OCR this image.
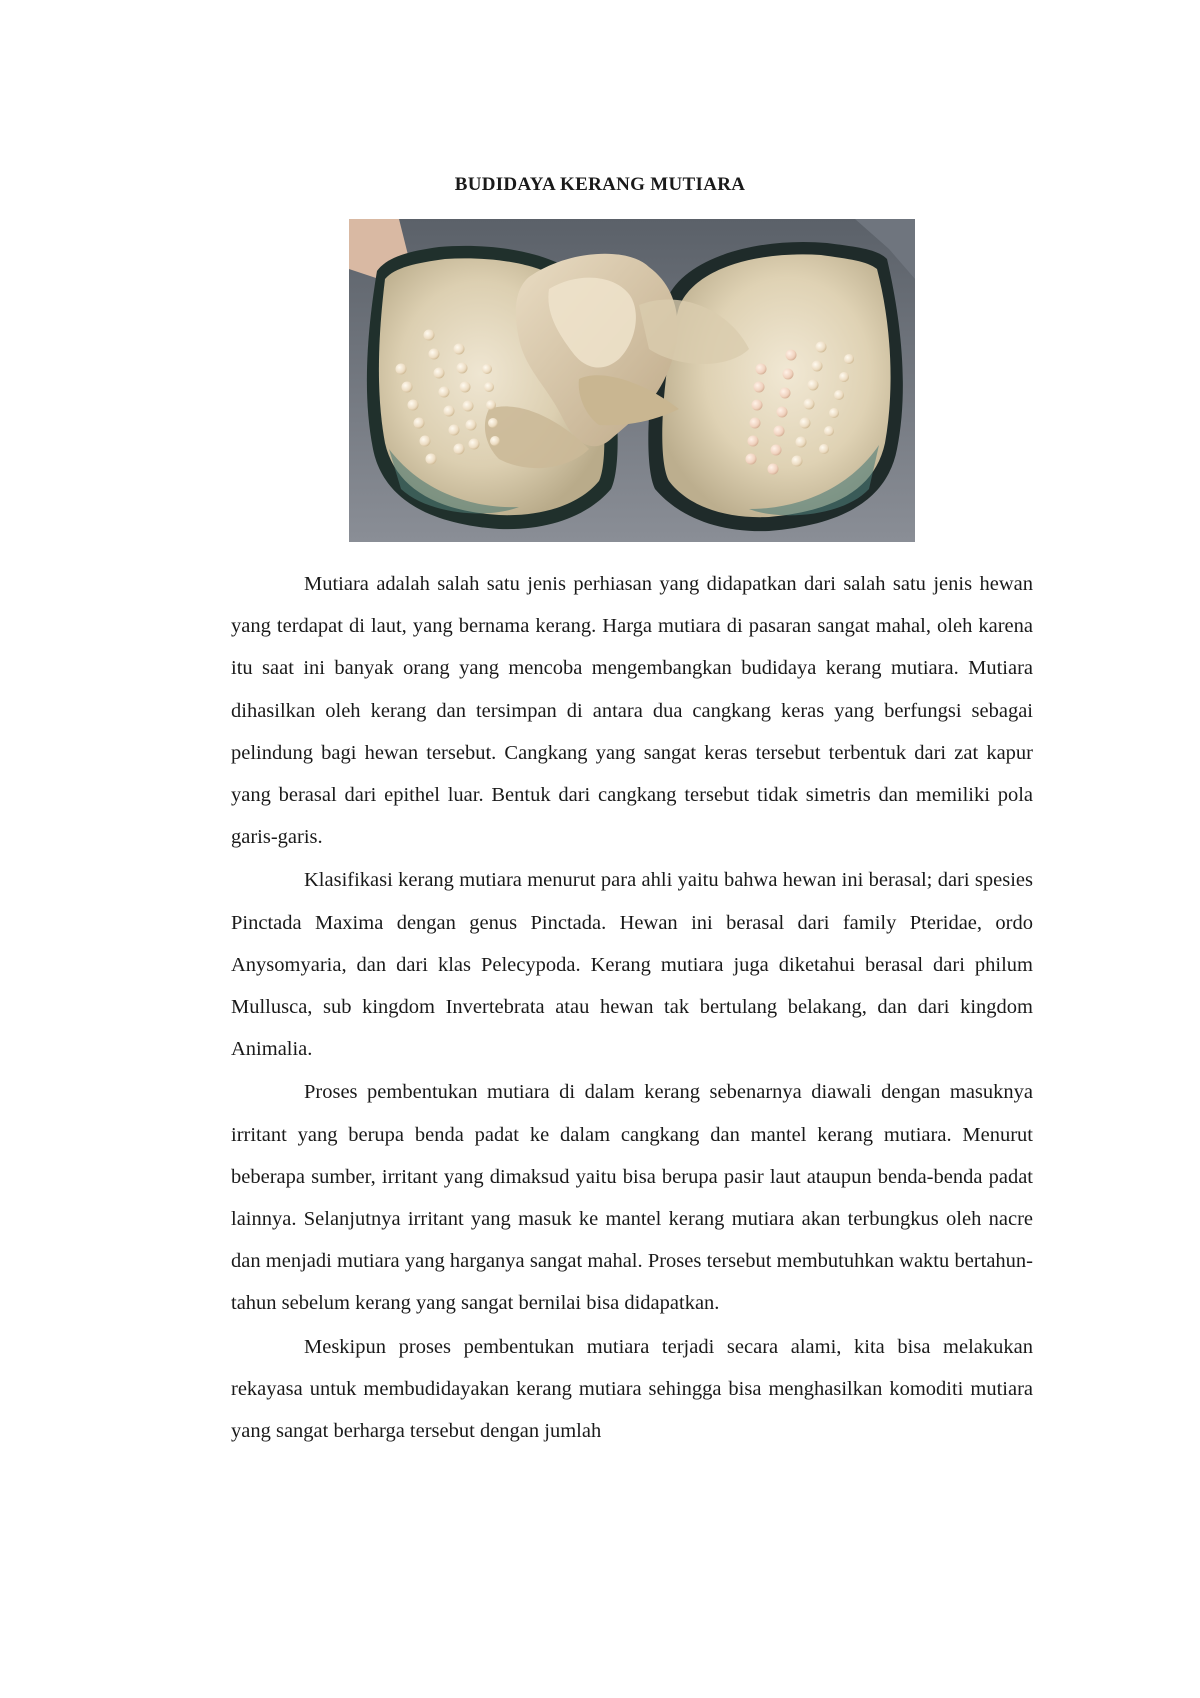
BUDIDAYA KERANG MUTIARA

Mutiara adalah salah satu jenis perhiasan yang didapatkan dari salah satu jenis hewan yang terdapat di laut, yang bernama kerang. Harga mutiara di pasaran sangat mahal, oleh karena itu saat ini banyak orang yang mencoba mengembangkan budidaya kerang mutiara. Mutiara dihasilkan oleh kerang dan tersimpan di antara dua cangkang keras yang berfungsi sebagai pelindung bagi hewan tersebut. Cangkang yang sangat keras tersebut terbentuk dari zat kapur yang berasal dari epithel luar. Bentuk dari cangkang tersebut tidak simetris dan memiliki pola garis-garis.

Klasifikasi kerang mutiara menurut para ahli yaitu bahwa hewan ini berasal; dari spesies Pinctada Maxima dengan genus Pinctada. Hewan ini berasal dari family Pteridae, ordo Anysomyaria, dan dari klas Pelecypoda. Kerang mutiara juga diketahui berasal dari philum Mullusca, sub kingdom Invertebrata atau hewan tak bertulang belakang, dan dari kingdom Animalia.

Proses pembentukan mutiara di dalam kerang sebenarnya diawali dengan masuknya irritant yang berupa benda padat ke dalam cangkang dan mantel kerang mutiara. Menurut beberapa sumber, irritant yang dimaksud yaitu bisa berupa pasir laut ataupun benda-benda padat lainnya. Selanjutnya irritant yang masuk ke mantel kerang mutiara akan terbungkus oleh nacre dan menjadi mutiara yang harganya sangat mahal. Proses tersebut membutuhkan waktu bertahun-tahun sebelum kerang yang sangat bernilai bisa didapatkan.

Meskipun proses pembentukan mutiara terjadi secara alami, kita bisa melakukan rekayasa untuk membudidayakan kerang mutiara sehingga bisa menghasilkan komoditi mutiara yang sangat berharga tersebut dengan jumlah
